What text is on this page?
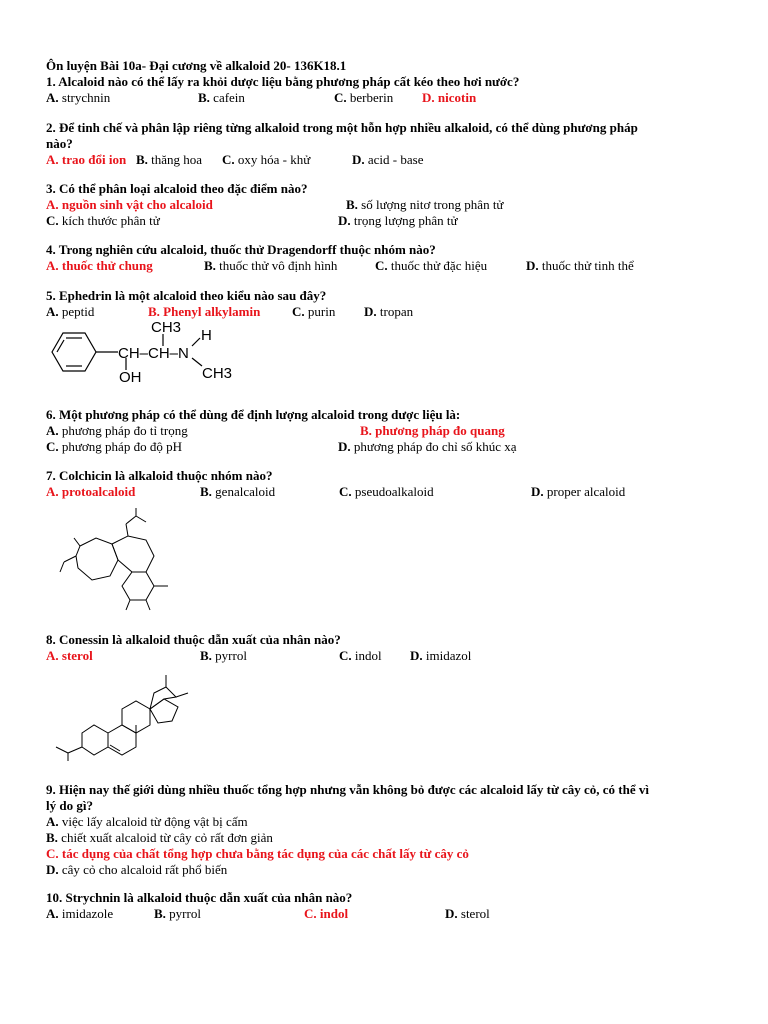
Ôn luyện Bài 10a- Đại cương về alkaloid 20- 136K18.1
1. Alcaloid nào có thể lấy ra khỏi dược liệu bằng phương pháp cất kéo theo hơi nước?
A. strychnin	B. cafein	C. berberin D. nicotin
2. Để tinh chế và phân lập riêng từng alkaloid trong một hỗn hợp nhiều alkaloid, có thể dùng phương pháp
nào?
A. trao đổi ion B. thăng hoa C. oxy hóa - khử	D. acid - base
3. Có thể phân loại alcaloid theo đặc điểm nào?
A. nguồn sinh vật cho alcaloid	B. số lượng nitơ trong phân tử
C. kích thước phân tử	D. trọng lượng phân tử
4. Trong nghiên cứu alcaloid, thuốc thử Dragendorff thuộc nhóm nào?
A. thuốc thử chung	B. thuốc thử vô định hình	C. thuốc thử đặc hiệu	D. thuốc thử tinh thể
5. Ephedrin là một alcaloid theo kiểu nào sau đây?
A. peptid	B. Phenyl alkylamin C. purin D. tropan
CH3
CH–CH–N
H
OH	CH3
6. Một phương pháp có thể dùng để định lượng alcaloid trong dược liệu là:
A. phương pháp đo tỉ trọng	B. phương pháp đo quang
C. phương pháp đo độ pH	D. phương pháp đo chỉ số khúc xạ
7. Colchicin là alkaloid thuộc nhóm nào?
A. protoalcaloid	B. genalcaloid	C. pseudoalkaloid	D. proper alcaloid
8. Conessin là alkaloid thuộc dẫn xuất của nhân nào?
A. sterol	B. pyrrol	C. indol D. imidazol
9. Hiện nay thế giới dùng nhiều thuốc tổng hợp nhưng vẫn không bỏ được các alcaloid lấy từ cây cỏ, có thể vì
lý do gì?
A. việc lấy alcaloid từ động vật bị cấm
B. chiết xuất alcaloid từ cây cỏ rất đơn giản
C. tác dụng của chất tổng hợp chưa bằng tác dụng của các chất lấy từ cây cỏ
D. cây cỏ cho alcaloid rất phổ biến
10. Strychnin là alkaloid thuộc dẫn xuất của nhân nào?
A. imidazole	B. pyrrol	C. indol	D. sterol
